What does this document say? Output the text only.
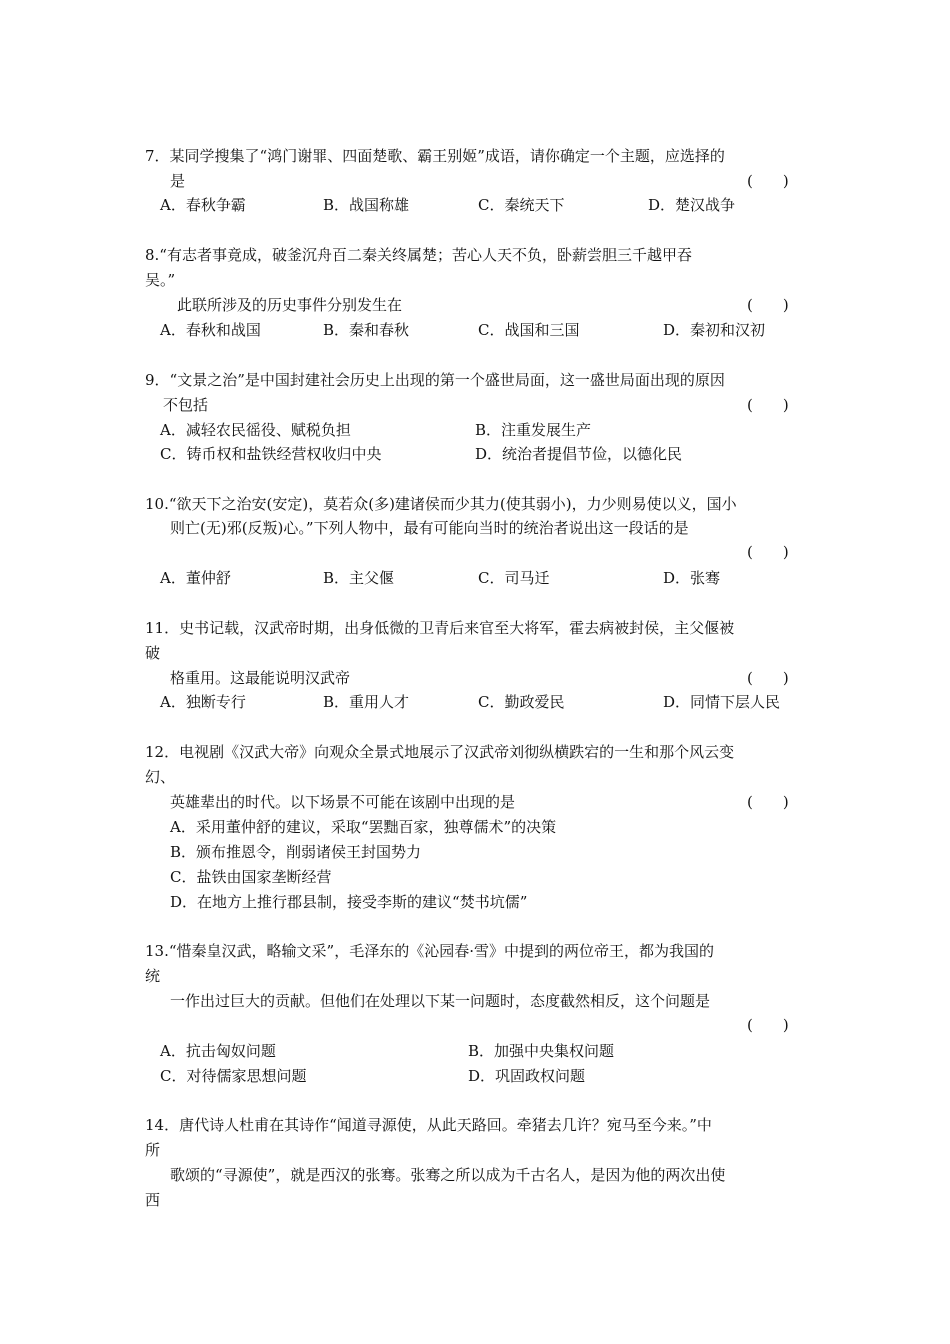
7．某同学搜集了“鸿门谢罪、四面楚歌、霸王别姬”成语，请你确定一个主题，应选择的
是	(　　)
A．春秋争霸	B．战国称雄	C．秦统天下	D．楚汉战争
8.“有志者事竟成，破釜沉舟百二秦关终属楚；苦心人天不负，卧薪尝胆三千越甲吞
吴。”
此联所涉及的历史事件分别发生在	(　　)
A．春秋和战国	B．秦和春秋	C．战国和三国	D．秦初和汉初
9．“文景之治”是中国封建社会历史上出现的第一个盛世局面，这一盛世局面出现的原因
不包括	(　　)
A．减轻农民徭役、赋税负担	B．注重发展生产
C．铸币权和盐铁经营权收归中央	D．统治者提倡节俭，以德化民
10.“欲天下之治安(安定)，莫若众(多)建诸侯而少其力(使其弱小)，力少则易使以义，国小
则亡(无)邪(反叛)心。”下列人物中，最有可能向当时的统治者说出这一段话的是
(　　)
A．董仲舒	B．主父偃	C．司马迁	D．张骞
11．史书记载，汉武帝时期，出身低微的卫青后来官至大将军，霍去病被封侯，主父偃被
破
格重用。这最能说明汉武帝	(　　)
A．独断专行	B．重用人才	C．勤政爱民	D．同情下层人民
12．电视剧《汉武大帝》向观众全景式地展示了汉武帝刘彻纵横跌宕的一生和那个风云变
幻、
英雄辈出的时代。以下场景不可能在该剧中出现的是	(　　)
A．采用董仲舒的建议，采取“罢黜百家，独尊儒术”的决策
B．颁布推恩令，削弱诸侯王封国势力
C．盐铁由国家垄断经营
D．在地方上推行郡县制，接受李斯的建议“焚书坑儒”
13.“惜秦皇汉武，略输文采”，毛泽东的《沁园春·雪》中提到的两位帝王，都为我国的
统
一作出过巨大的贡献。但他们在处理以下某一问题时，态度截然相反，这个问题是
(　　)
A．抗击匈奴问题	B．加强中央集权问题
C．对待儒家思想问题	D．巩固政权问题
14．唐代诗人杜甫在其诗作“闻道寻源使，从此天路回。牵猪去几许？宛马至今来。”中
所
歌颂的“寻源使”，就是西汉的张骞。张骞之所以成为千古名人，是因为他的两次出使
西
